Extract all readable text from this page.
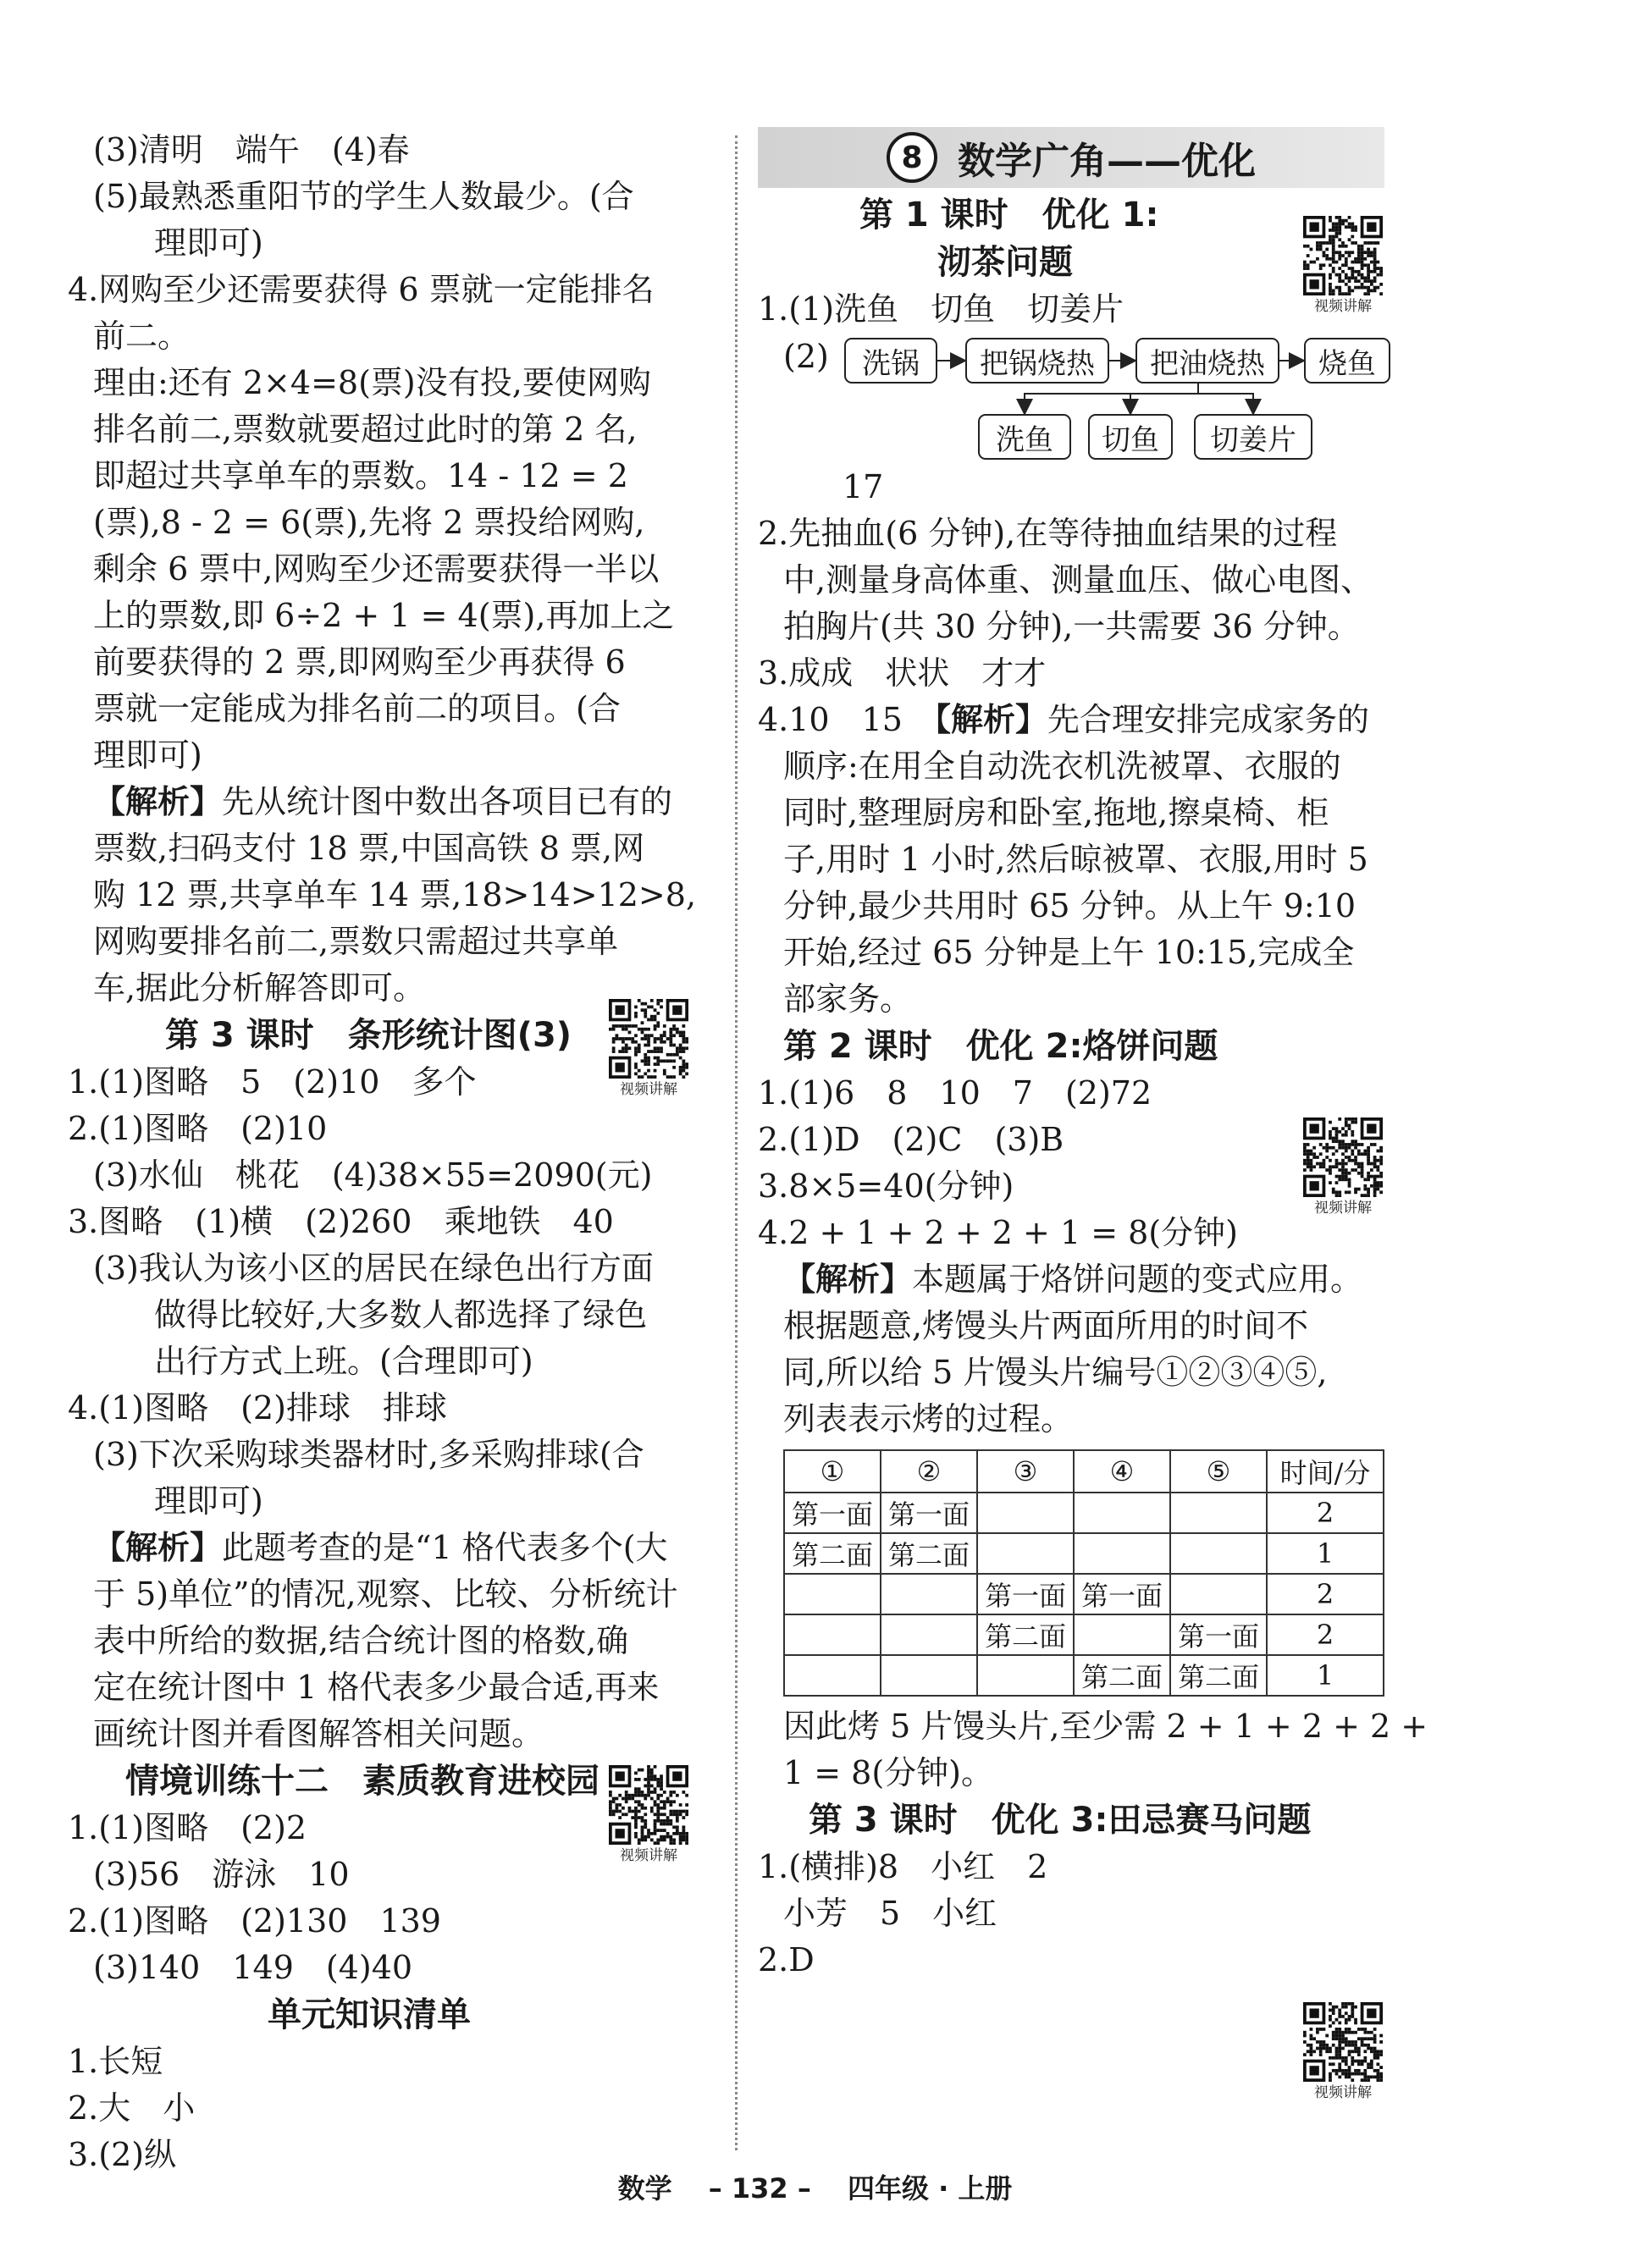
(3)清明　端午　(4)春
(5)最熟悉重阳节的学生人数最少。(合
理即可)
4.网购至少还需要获得 6 票就一定能排名
前二。
理由:还有 2×4=8(票)没有投,要使网购
排名前二,票数就要超过此时的第 2 名,
即超过共享单车的票数。14 - 12 = 2
(票),8 - 2 = 6(票),先将 2 票投给网购,
剩余 6 票中,网购至少还需要获得一半以
上的票数,即 6÷2 + 1 = 4(票),再加上之
前要获得的 2 票,即网购至少再获得 6
票就一定能成为排名前二的项目。(合
理即可)
【解析】先从统计图中数出各项目已有的
票数,扫码支付 18 票,中国高铁 8 票,网
购 12 票,共享单车 14 票,18>14>12>8,
网购要排名前二,票数只需超过共享单
车,据此分析解答即可。
第 3 课时　条形统计图(3)
1.(1)图略　5　(2)10　多个
2.(1)图略　(2)10
(3)水仙　桃花　(4)38×55=2090(元)
3.图略　(1)横　(2)260　乘地铁　40
(3)我认为该小区的居民在绿色出行方面
做得比较好,大多数人都选择了绿色
出行方式上班。(合理即可)
4.(1)图略　(2)排球　排球
(3)下次采购球类器材时,多采购排球(合
理即可)
【解析】此题考查的是“1 格代表多个(大
于 5)单位”的情况,观察、比较、分析统计
表中所给的数据,结合统计图的格数,确
定在统计图中 1 格代表多少最合适,再来
画统计图并看图解答相关问题。
情境训练十二　素质教育进校园
1.(1)图略　(2)2
(3)56　游泳　10
2.(1)图略　(2)130　139
(3)140　149　(4)40
单元知识清单
1.长短
2.大　小
3.(2)纵
视频讲解
视频讲解
8 数学广角——优化
第 1 课时　优化 1:
沏茶问题
1.(1)洗鱼　切鱼　切姜片
(2)	洗锅	把锅烧热	把油烧热	烧鱼
洗鱼	切鱼	切姜片
17
2.先抽血(6 分钟),在等待抽血结果的过程
中,测量身高体重、测量血压、做心电图、
拍胸片(共 30 分钟),一共需要 36 分钟。
3.成成　状状　才才
4.10　15　【解析】先合理安排完成家务的
顺序:在用全自动洗衣机洗被罩、衣服的
同时,整理厨房和卧室,拖地,擦桌椅、柜
子,用时 1 小时,然后晾被罩、衣服,用时 5
分钟,最少共用时 65 分钟。从上午 9:10
开始,经过 65 分钟是上午 10:15,完成全
部家务。
第 2 课时　优化 2:烙饼问题
1.(1)6　8　10　7　(2)72
2.(1)D　(2)C　(3)B
3.8×5=40(分钟)
4.2 + 1 + 2 + 2 + 1 = 8(分钟)
【解析】本题属于烙饼问题的变式应用。
根据题意,烤馒头片两面所用的时间不
同,所以给 5 片馒头片编号①②③④⑤,
列表表示烤的过程。
①	②	③	④	⑤	时间/分
第一面	第一面				2
第二面	第二面				1
		第一面	第一面		2
		第二面		第一面	2
			第二面	第二面	1
因此烤 5 片馒头片,至少需 2 + 1 + 2 + 2 +
1 = 8(分钟)。
第 3 课时　优化 3:田忌赛马问题
1.(横排)8　小红　2
小芳　5　小红
2.D
视频讲解
视频讲解
视频讲解
数学 – 132 – 四年级 · 上册
